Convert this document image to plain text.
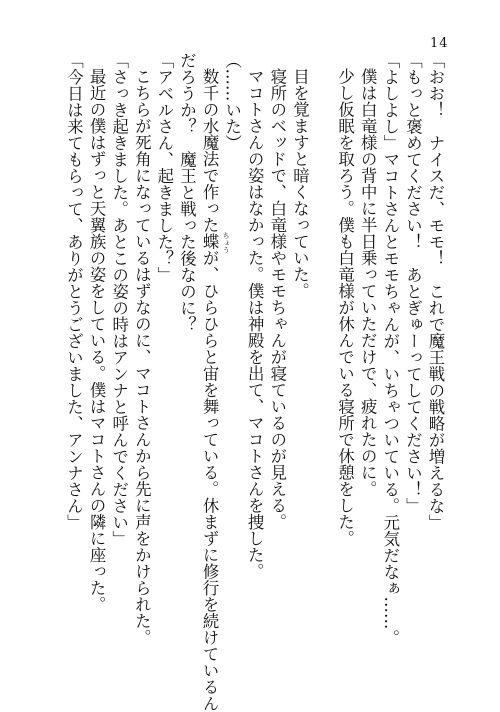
14
「おお！　ナイスだ、モモ！　これで魔王戦の戦略が増えるな」
「もっと褒めてください！　あとぎゅーってしてください！」
「よしよし」マコトさんとモモちゃんが、いちゃついている。元気だなぁ……。
僕は白竜様の背中に半日乗っていただけで、疲れたのに。
少し仮眠を取ろう。僕も白竜様が休んでいる寝所で休憩をした。

目を覚ますと暗くなっていた。
寝所のベッドで、白竜様やモモちゃんが寝ているのが見える。
マコトさんの姿はなかった。僕は神殿を出て、マコトさんを捜した。
（……いた）
数千の水魔法で作った蝶 ちょう
が、ひらひらと宙を舞っている。休まずに修行を続けているん
だろうか？　魔王と戦った後なのに？
「アベルさん、起きました？」
こちらが死角になっているはずなのに、マコトさんから先に声をかけられた。
「さっき起きました。あとこの姿の時はアンナと呼んでください」
最近の僕はずっと天翼族の姿をしている。僕はマコトさんの隣に座った。
「今日は来てもらって、ありがとうございました、アンナさん」
